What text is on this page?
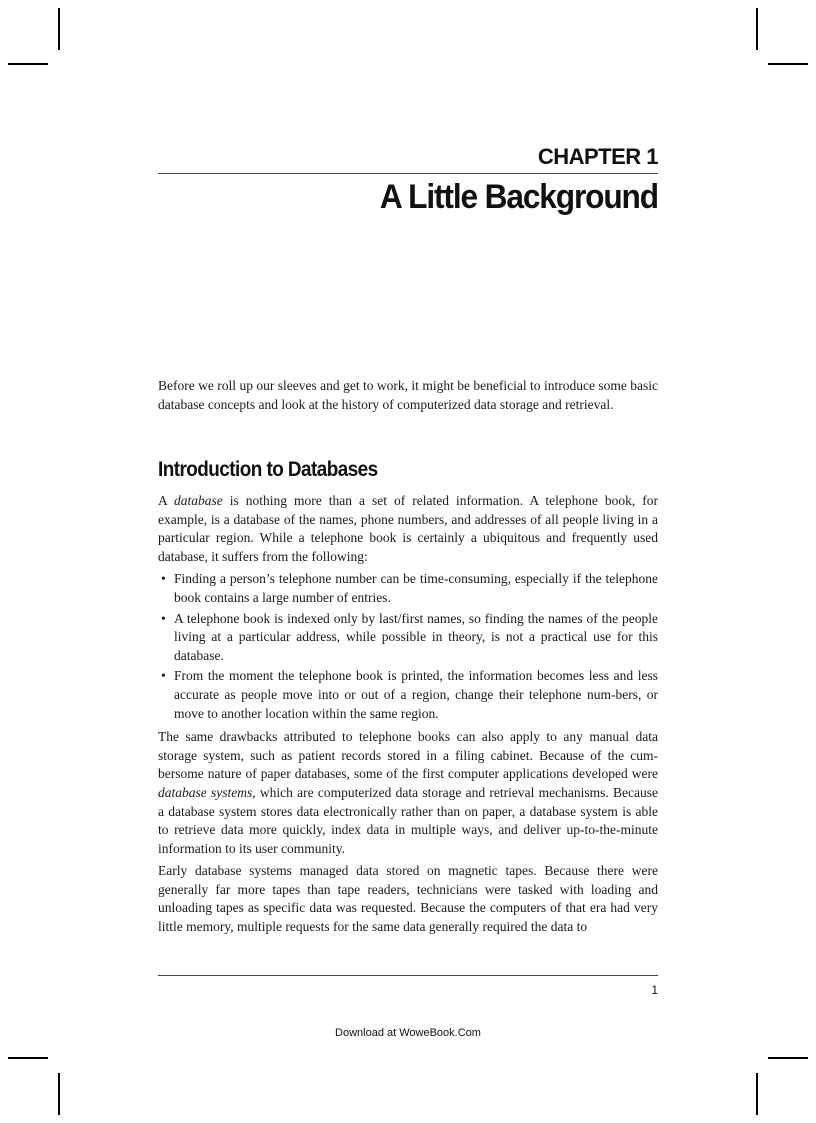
CHAPTER 1
A Little Background

Before we roll up our sleeves and get to work, it might be beneficial to introduce some basic database concepts and look at the history of computerized data storage and retrieval.

Introduction to Databases

A database is nothing more than a set of related information. A telephone book, for example, is a database of the names, phone numbers, and addresses of all people living in a particular region. While a telephone book is certainly a ubiquitous and frequently used database, it suffers from the following:

• Finding a person’s telephone number can be time-consuming, especially if the telephone book contains a large number of entries.
• A telephone book is indexed only by last/first names, so finding the names of the people living at a particular address, while possible in theory, is not a practical use for this database.
• From the moment the telephone book is printed, the information becomes less and less accurate as people move into or out of a region, change their telephone num-bers, or move to another location within the same region.

The same drawbacks attributed to telephone books can also apply to any manual data storage system, such as patient records stored in a filing cabinet. Because of the cum-bersome nature of paper databases, some of the first computer applications developed were database systems, which are computerized data storage and retrieval mechanisms. Because a database system stores data electronically rather than on paper, a database system is able to retrieve data more quickly, index data in multiple ways, and deliver up-to-the-minute information to its user community.

Early database systems managed data stored on magnetic tapes. Because there were generally far more tapes than tape readers, technicians were tasked with loading and unloading tapes as specific data was requested. Because the computers of that era had very little memory, multiple requests for the same data generally required the data to

1
Download at WoweBook.Com
